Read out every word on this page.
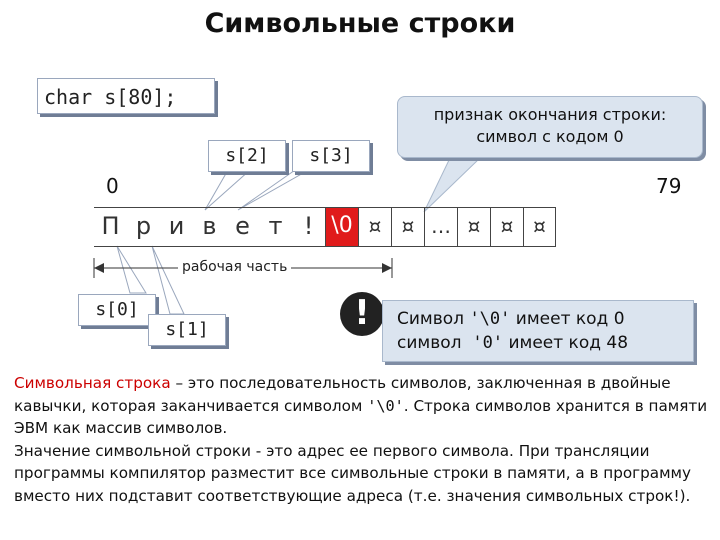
Символьные строки
char s[80];
признак окончания строки:
символ с кодом 0
s[2]	s[3]
0	79
П р и в е т ! \0 ¤	¤ … ¤	¤ ¤
рабочая часть
s[0]
s[1]	!	Символ '\0' имеет код 0
символ  '0' имеет код 48

Символьная строка – это последовательность символов, заключенная в двойные кавычки, которая заканчивается символом '\0'. Строка символов хранится в памяти ЭВМ как массив символов.

Значение символьной строки - это адрес ее первого символа. При трансляции программы компилятор разместит все символьные строки в памяти, а в программу вместо них подставит соответствующие адреса (т.е. значения символьных строк!).
